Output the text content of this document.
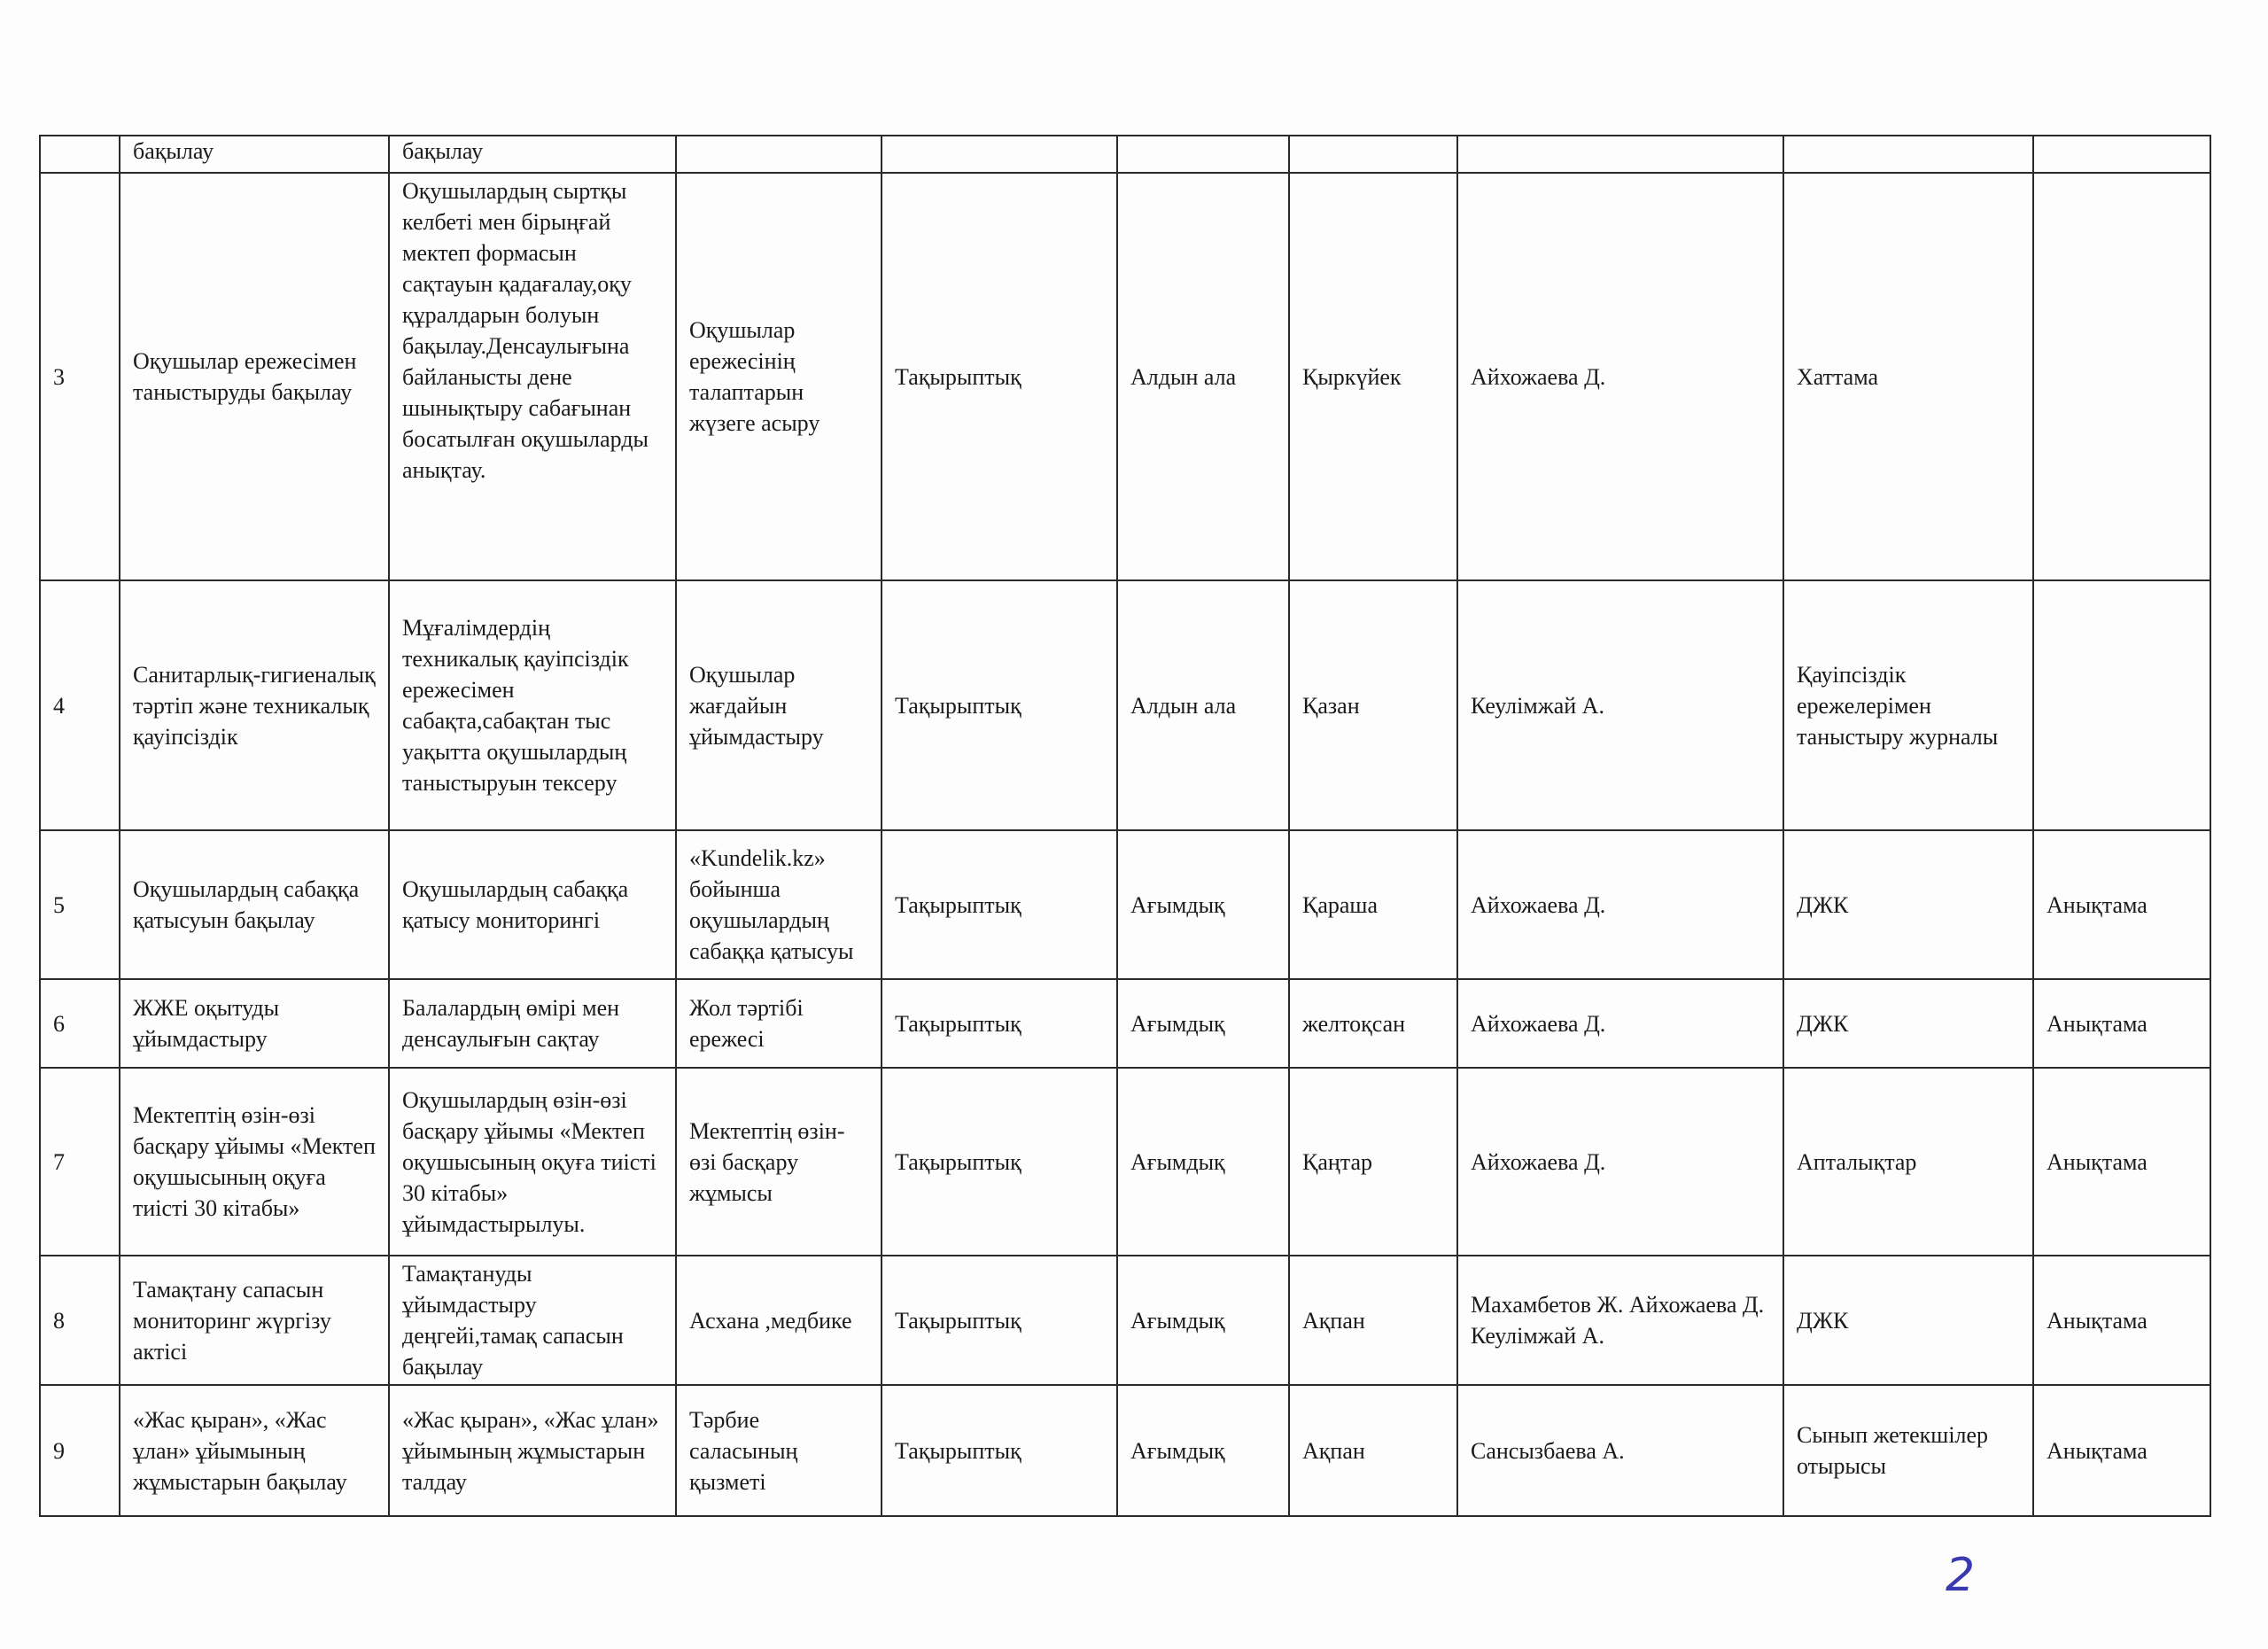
	бақылау	бақылау							
3	Оқушылар ережесімен таныстыруды бақылау	Оқушылардың сыртқы келбеті мен бірыңғай мектеп формасын сақтауын қадағалау,оқу құралдарын болуын бақылау.Денсаулығына байланысты дене шынықтыру сабағынан босатылған оқушыларды анықтау.	Оқушылар ережесінің талаптарын жүзеге асыру	Тақырыптық	Алдын ала	Қыркүйек	Айхожаева Д.	Хаттама	
4	Санитарлық-гигиеналық тәртіп және техникалық қауіпсіздік	Мұғалімдердің техникалық қауіпсіздік ережесімен сабақта,сабақтан тыс уақытта оқушылардың таныстыруын тексеру	Оқушылар жағдайын ұйымдастыру	Тақырыптық	Алдын ала	Қазан	Кеулімжай А.	Қауіпсіздік ережелерімен таныстыру журналы	
5	Оқушылардың сабаққа қатысуын бақылау	Оқушылардың сабаққа қатысу мониторингі	«Kundelik.kz» бойынша оқушылардың сабаққа қатысуы	Тақырыптық	Ағымдық	Қараша	Айхожаева Д.	ДЖК	Анықтама
6	ЖЖЕ оқытуды ұйымдастыру	Балалардың өмірі мен денсаулығын сақтау	Жол тәртібі ережесі	Тақырыптық	Ағымдық	желтоқсан	Айхожаева Д.	ДЖК	Анықтама
7	Мектептің өзін-өзі басқару ұйымы «Мектеп оқушысының оқуға тиісті 30 кітабы»	Оқушылардың өзін-өзі басқару ұйымы «Мектеп оқушысының оқуға тиісті 30 кітабы» ұйымдастырылуы.	Мектептің өзін-өзі басқару жұмысы	Тақырыптық	Ағымдық	Қаңтар	Айхожаева Д.	Апталықтар	Анықтама
8	Тамақтану сапасын мониторинг жүргізу актісі	Тамақтануды ұйымдастыру деңгейі,тамақ сапасын бақылау	Асхана ,медбике	Тақырыптық	Ағымдық	Ақпан	Махамбетов Ж. Айхожаева Д. Кеулімжай А.	ДЖК	Анықтама
9	«Жас қыран», «Жас ұлан» ұйымының жұмыстарын бақылау	«Жас қыран», «Жас ұлан» ұйымының жұмыстарын талдау	Тәрбие саласының қызметі	Тақырыптық	Ағымдық	Ақпан	Сансызбаева А.	Сынып жетекшілер отырысы	Анықтама
2
